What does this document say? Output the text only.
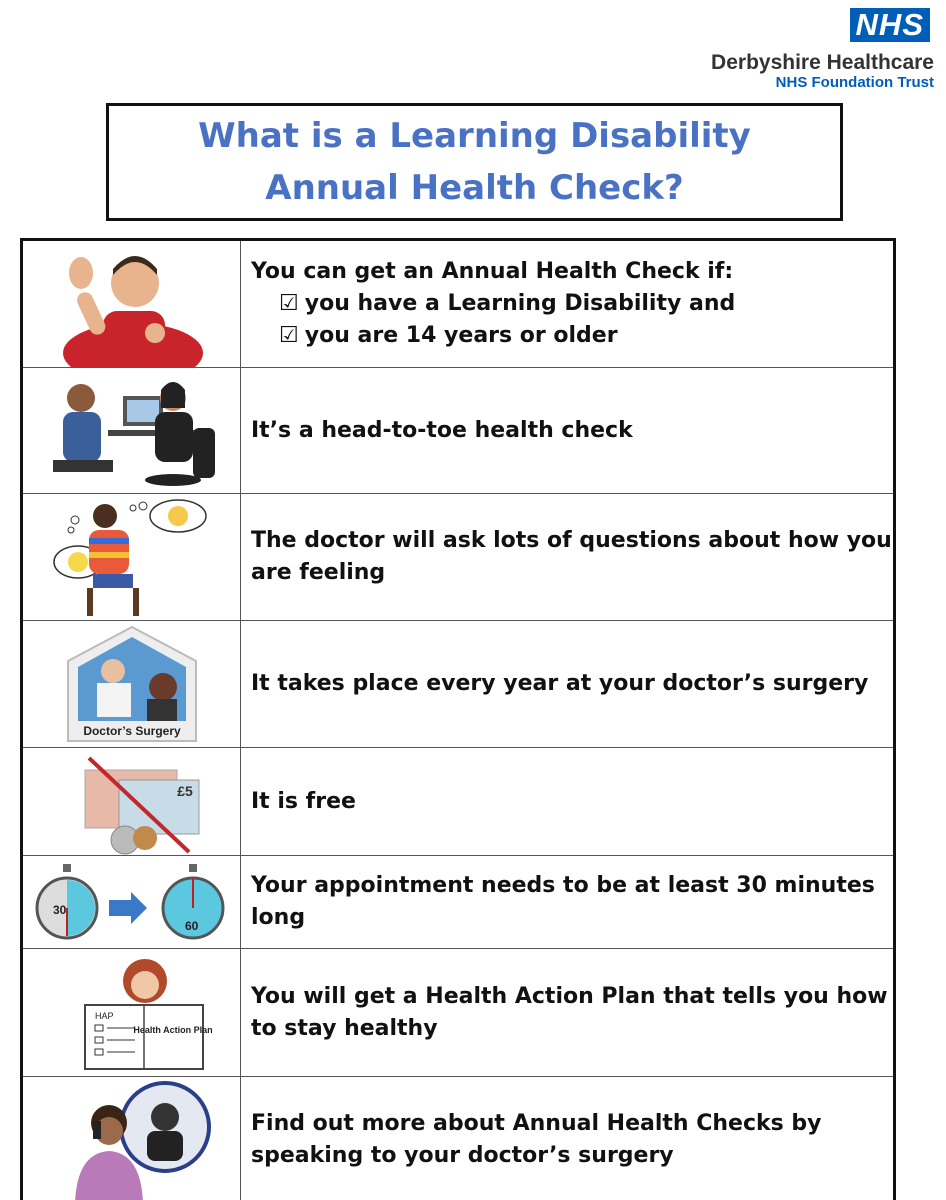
NHS
Derbyshire Healthcare
NHS Foundation Trust
What is a Learning Disability
Annual Health Check?

You can get an Annual Health Check if:

☑ you have a Learning Disability and

☑ you are 14 years or older

It’s a head-to-toe health check

The doctor will ask lots of questions about how you are feeling

Doctor’s Surgery

It takes place every year at your doctor’s surgery

£5	It is free

30
60

Your appointment needs to be at least 30 minutes long

HAP
Health Action Plan

You will get a Health Action Plan that tells you how to stay healthy

Find out more about Annual Health Checks by speaking to your doctor’s surgery
